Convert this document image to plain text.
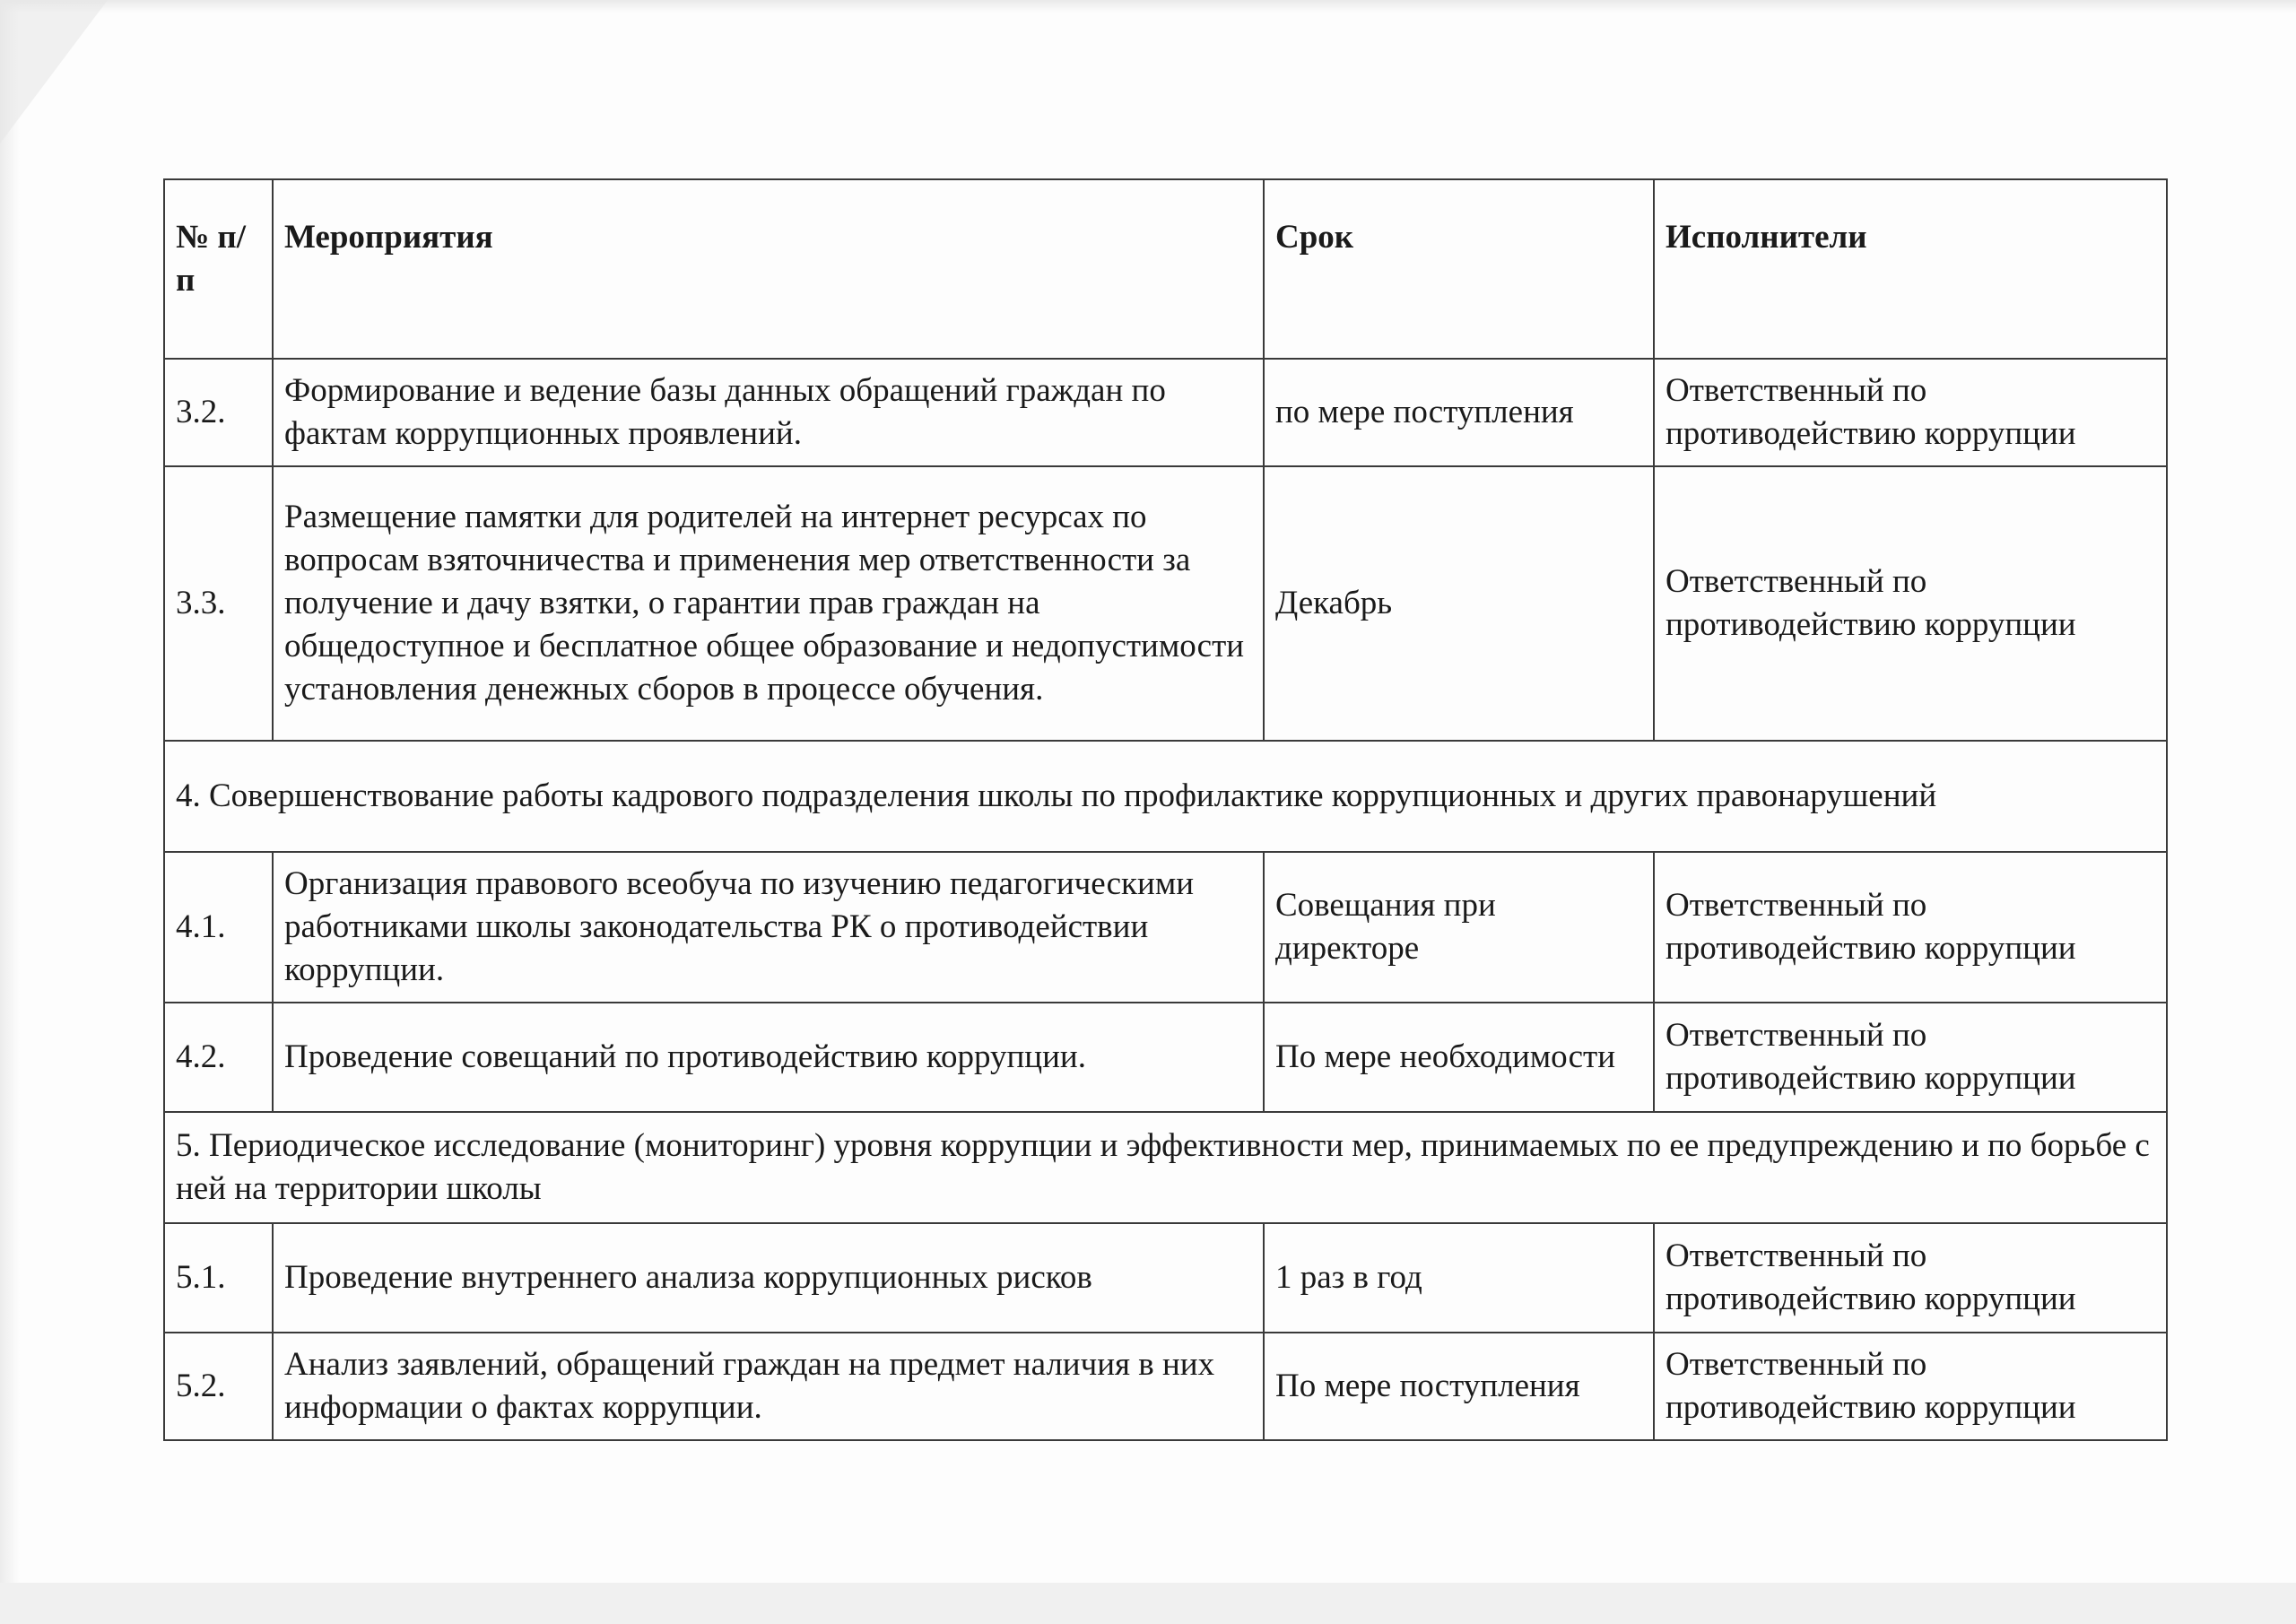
№ п/п	Мероприятия	Срок	Исполнители
3.2.	Формирование и ведение базы данных обращений граждан по фактам коррупционных проявлений.	по мере поступления	Ответственный по противодействию коррупции
3.3.	Размещение памятки для родителей на интернет ресурсах по вопросам взяточничества и применения мер ответственности за получение и дачу взятки, о гарантии прав граждан на общедоступное и бесплатное общее образование и недопустимости установления денежных сборов в процессе обучения.	Декабрь	Ответственный по противодействию коррупции
4. Совершенствование работы кадрового подразделения школы по профилактике коррупционных и других правонарушений			
4.1.	Организация правового всеобуча по изучению педагогическими работниками школы законодательства РК о противодействии коррупции.	Совещания при директоре	Ответственный по противодействию коррупции
4.2.	Проведение совещаний по противодействию коррупции.	По мере необходимости	Ответственный по противодействию коррупции
5. Периодическое исследование (мониторинг) уровня коррупции и эффективности мер, принимаемых по ее предупреждению и по борьбе с ней на территории школы			
5.1.	Проведение внутреннего анализа коррупционных рисков	1 раз в год	Ответственный по противодействию коррупции
5.2.	Анализ заявлений, обращений граждан на предмет наличия в них информации о фактах коррупции.	По мере поступления	Ответственный по противодействию коррупции
